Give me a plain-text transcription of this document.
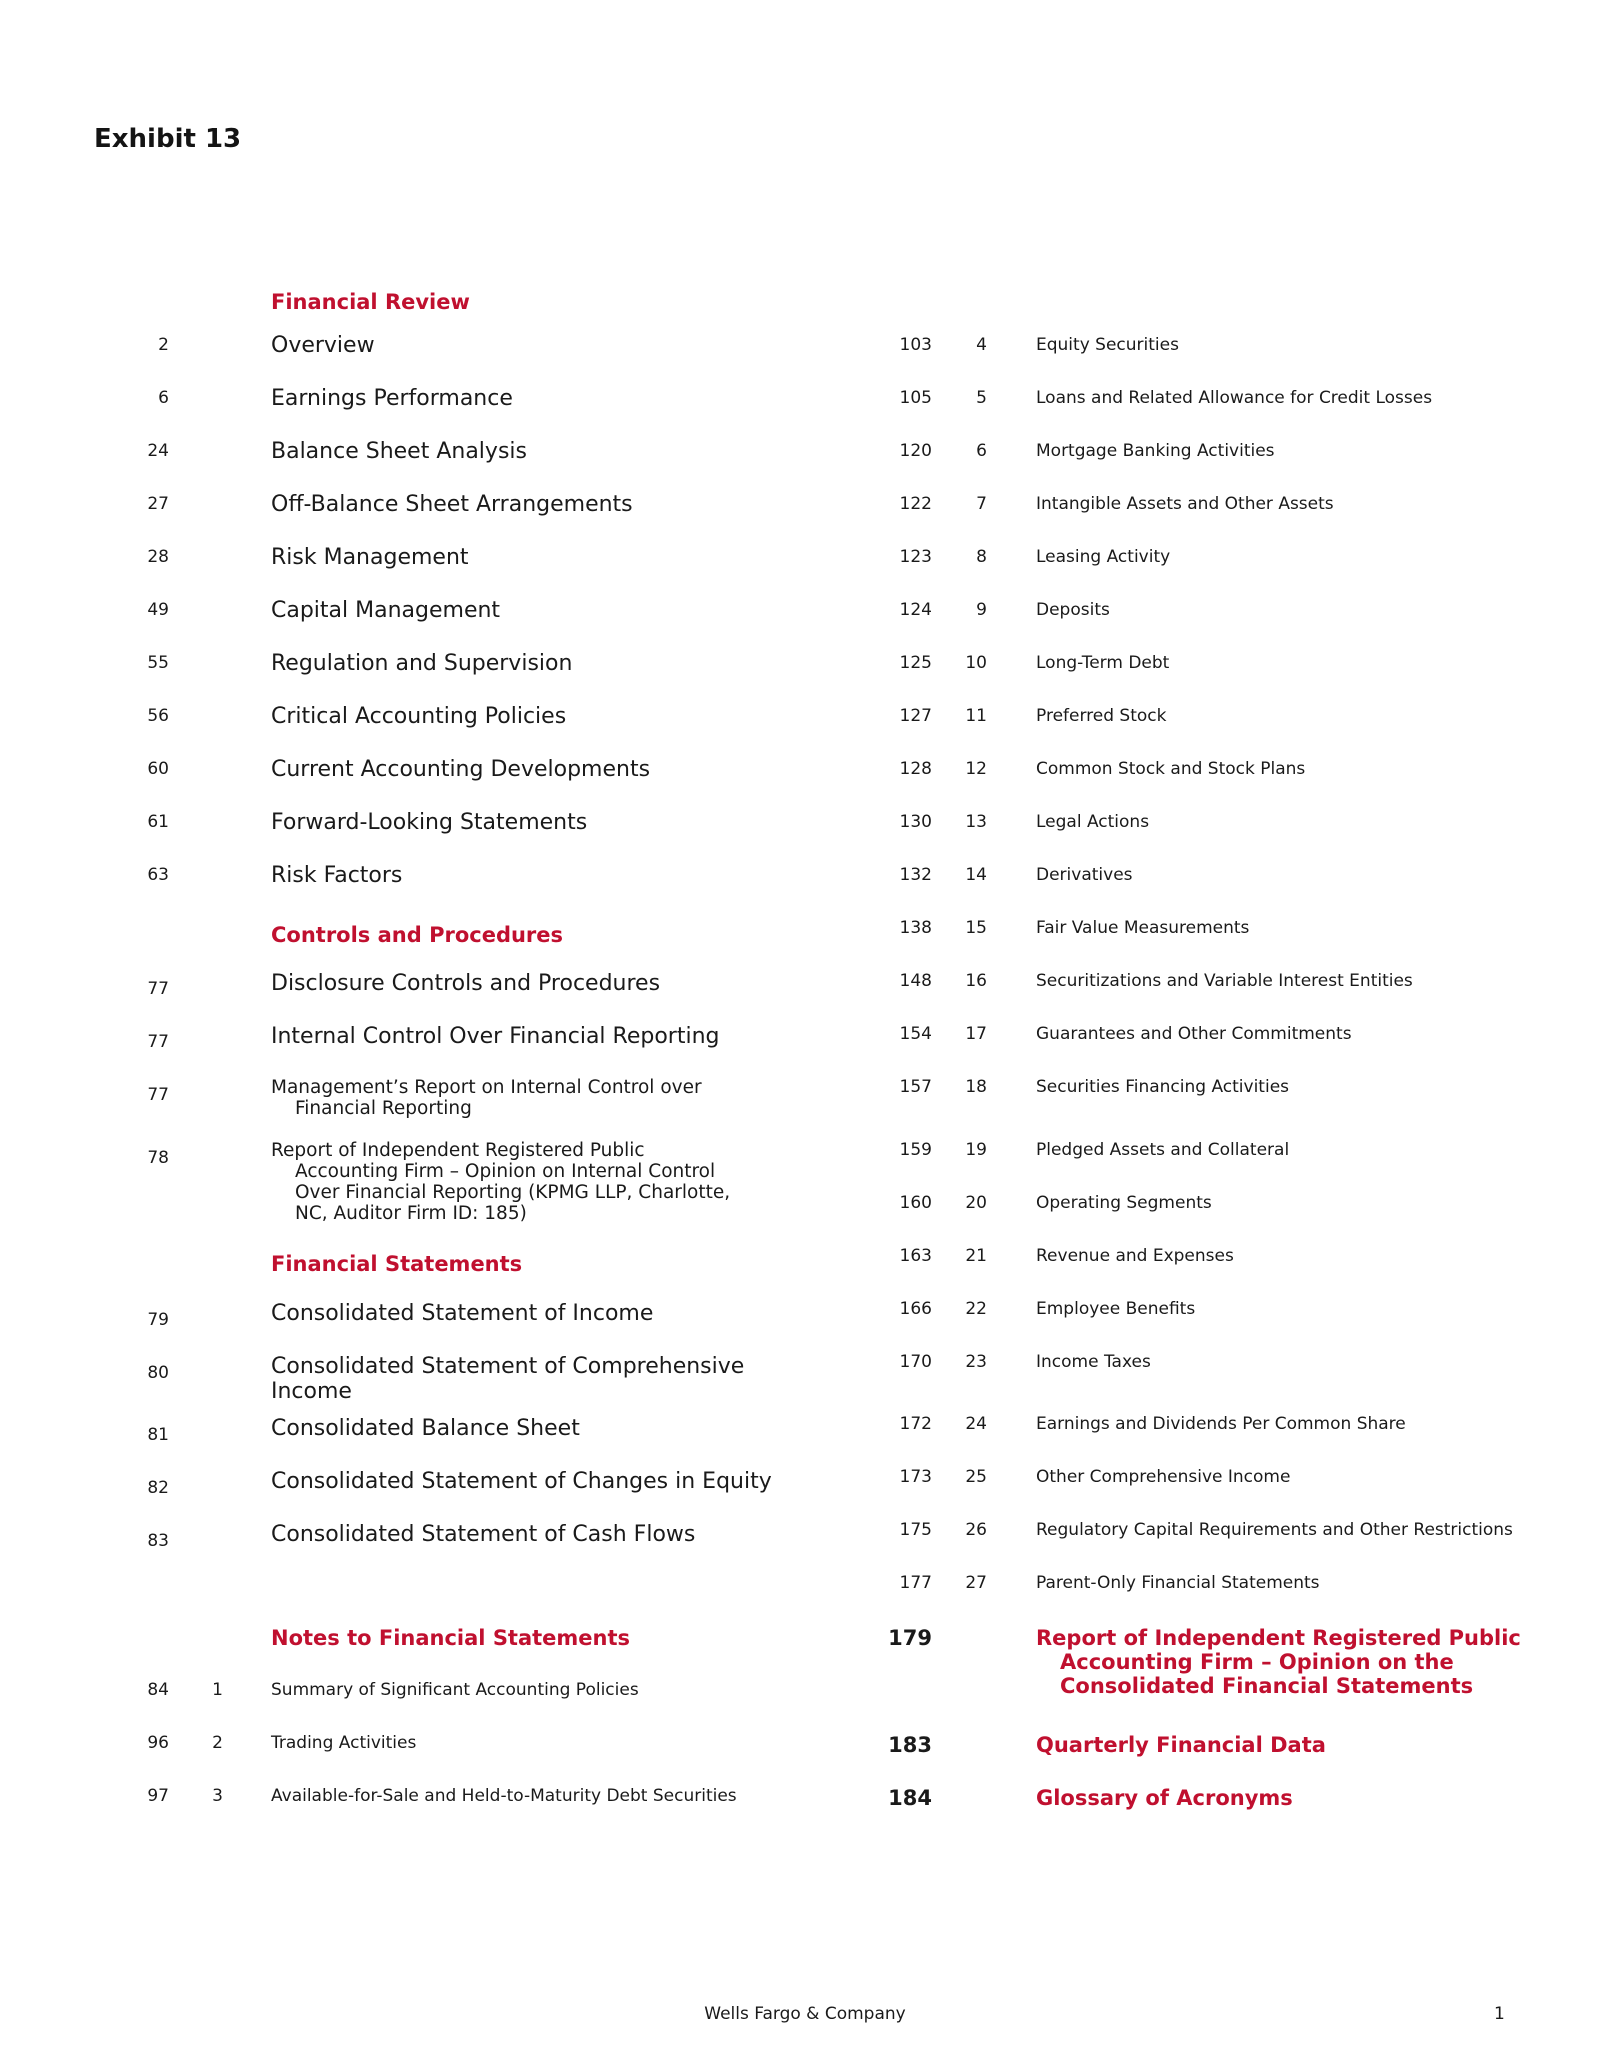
Exhibit 13
Financial Review
2	Overview
6	Earnings Performance
24	Balance Sheet Analysis
27	Off-Balance Sheet Arrangements
28	Risk Management
49	Capital Management
55	Regulation and Supervision
56	Critical Accounting Policies
60	Current Accounting Developments
61	Forward-Looking Statements
63	Risk Factors
Controls and Procedures
77	Disclosure Controls and Procedures
77	Internal Control Over Financial Reporting
77	Management’s Report on Internal Control over
Financial Reporting
78	Report of Independent Registered Public
Accounting Firm – Opinion on Internal Control
Over Financial Reporting (KPMG LLP, Charlotte,
NC, Auditor Firm ID: 185)
Financial Statements
79	Consolidated Statement of Income
80	Consolidated Statement of Comprehensive
Income
81	Consolidated Balance Sheet
82	Consolidated Statement of Changes in Equity
83	Consolidated Statement of Cash Flows
Notes to Financial Statements
84	1	Summary of Significant Accounting Policies
96	2	Trading Activities
97	3	Available-for-Sale and Held-to-Maturity Debt Securities
103	4	Equity Securities
105	5	Loans and Related Allowance for Credit Losses
120	6	Mortgage Banking Activities
122	7	Intangible Assets and Other Assets
123	8	Leasing Activity
124	9	Deposits
125	10	Long-Term Debt
127	11	Preferred Stock
128	12	Common Stock and Stock Plans
130	13	Legal Actions
132	14	Derivatives
138	15	Fair Value Measurements
148	16	Securitizations and Variable Interest Entities
154	17	Guarantees and Other Commitments
157	18	Securities Financing Activities
159	19	Pledged Assets and Collateral
160	20	Operating Segments
163	21	Revenue and Expenses
166	22	Employee Benefits
170	23	Income Taxes
172	24	Earnings and Dividends Per Common Share
173	25	Other Comprehensive Income
175	26	Regulatory Capital Requirements and Other Restrictions
177	27	Parent-Only Financial Statements
179	Report of Independent Registered Public
Accounting Firm – Opinion on the
Consolidated Financial Statements
183	Quarterly Financial Data
184	Glossary of Acronyms
Wells Fargo & Company	1
